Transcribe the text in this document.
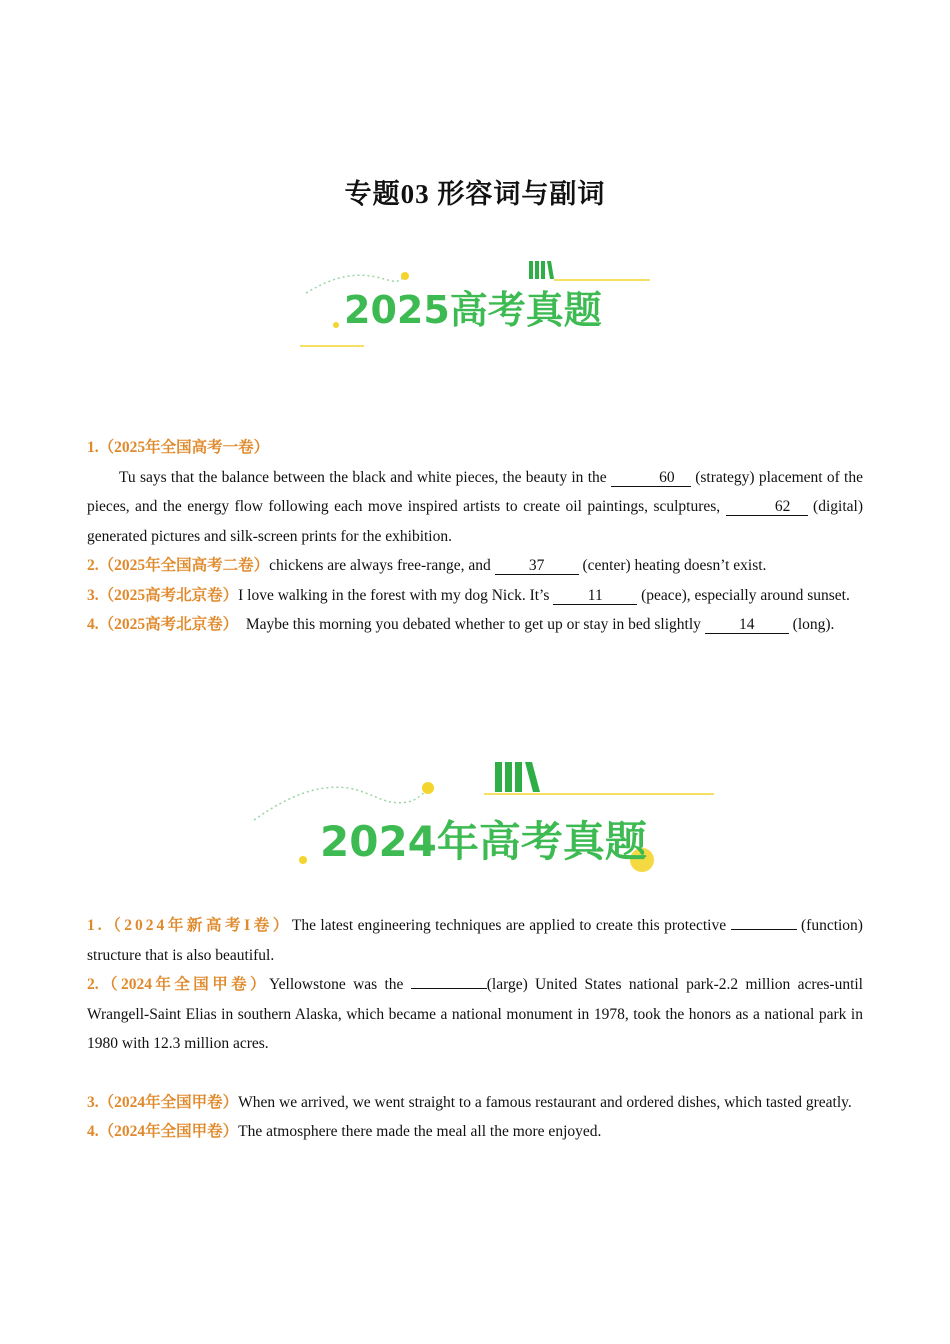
专题03 形容词与副词
2025高考真题

1.（2025年全国高考一卷）

Tu says that the balance between the black and white pieces, the beauty in the	60 (strategy) placement of the pieces, and the energy flow following each move inspired artists to create oil paintings, sculptures,	62 (digital) generated pictures and silk-screen prints for the exhibition.

2.（2025年全国高考二卷）chickens are always free-range, and 37 (center) heating doesn’t exist.

3.（2025高考北京卷）I love walking in the forest with my dog Nick. It’s 11 (peace), especially around sunset.

4.（2025高考北京卷）  Maybe this morning you debated whether to get up or stay in bed slightly 14 (long).

2024年高考真题

1.（2024年新高考I卷）The latest engineering techniques are applied to create this protective	(function) structure that is also beautiful.

2.（2024年全国甲卷）Yellowstone was the	(large) United States national park-2.2 million acres-until Wrangell-Saint Elias in southern Alaska, which became a national monument in 1978, took the honors as a national park in 1980 with 12.3 million acres.

3.（2024年全国甲卷）When we arrived, we went straight to a famous restaurant and ordered dishes, which tasted greatly.

4.（2024年全国甲卷）The atmosphere there made the meal all the more enjoyed.
